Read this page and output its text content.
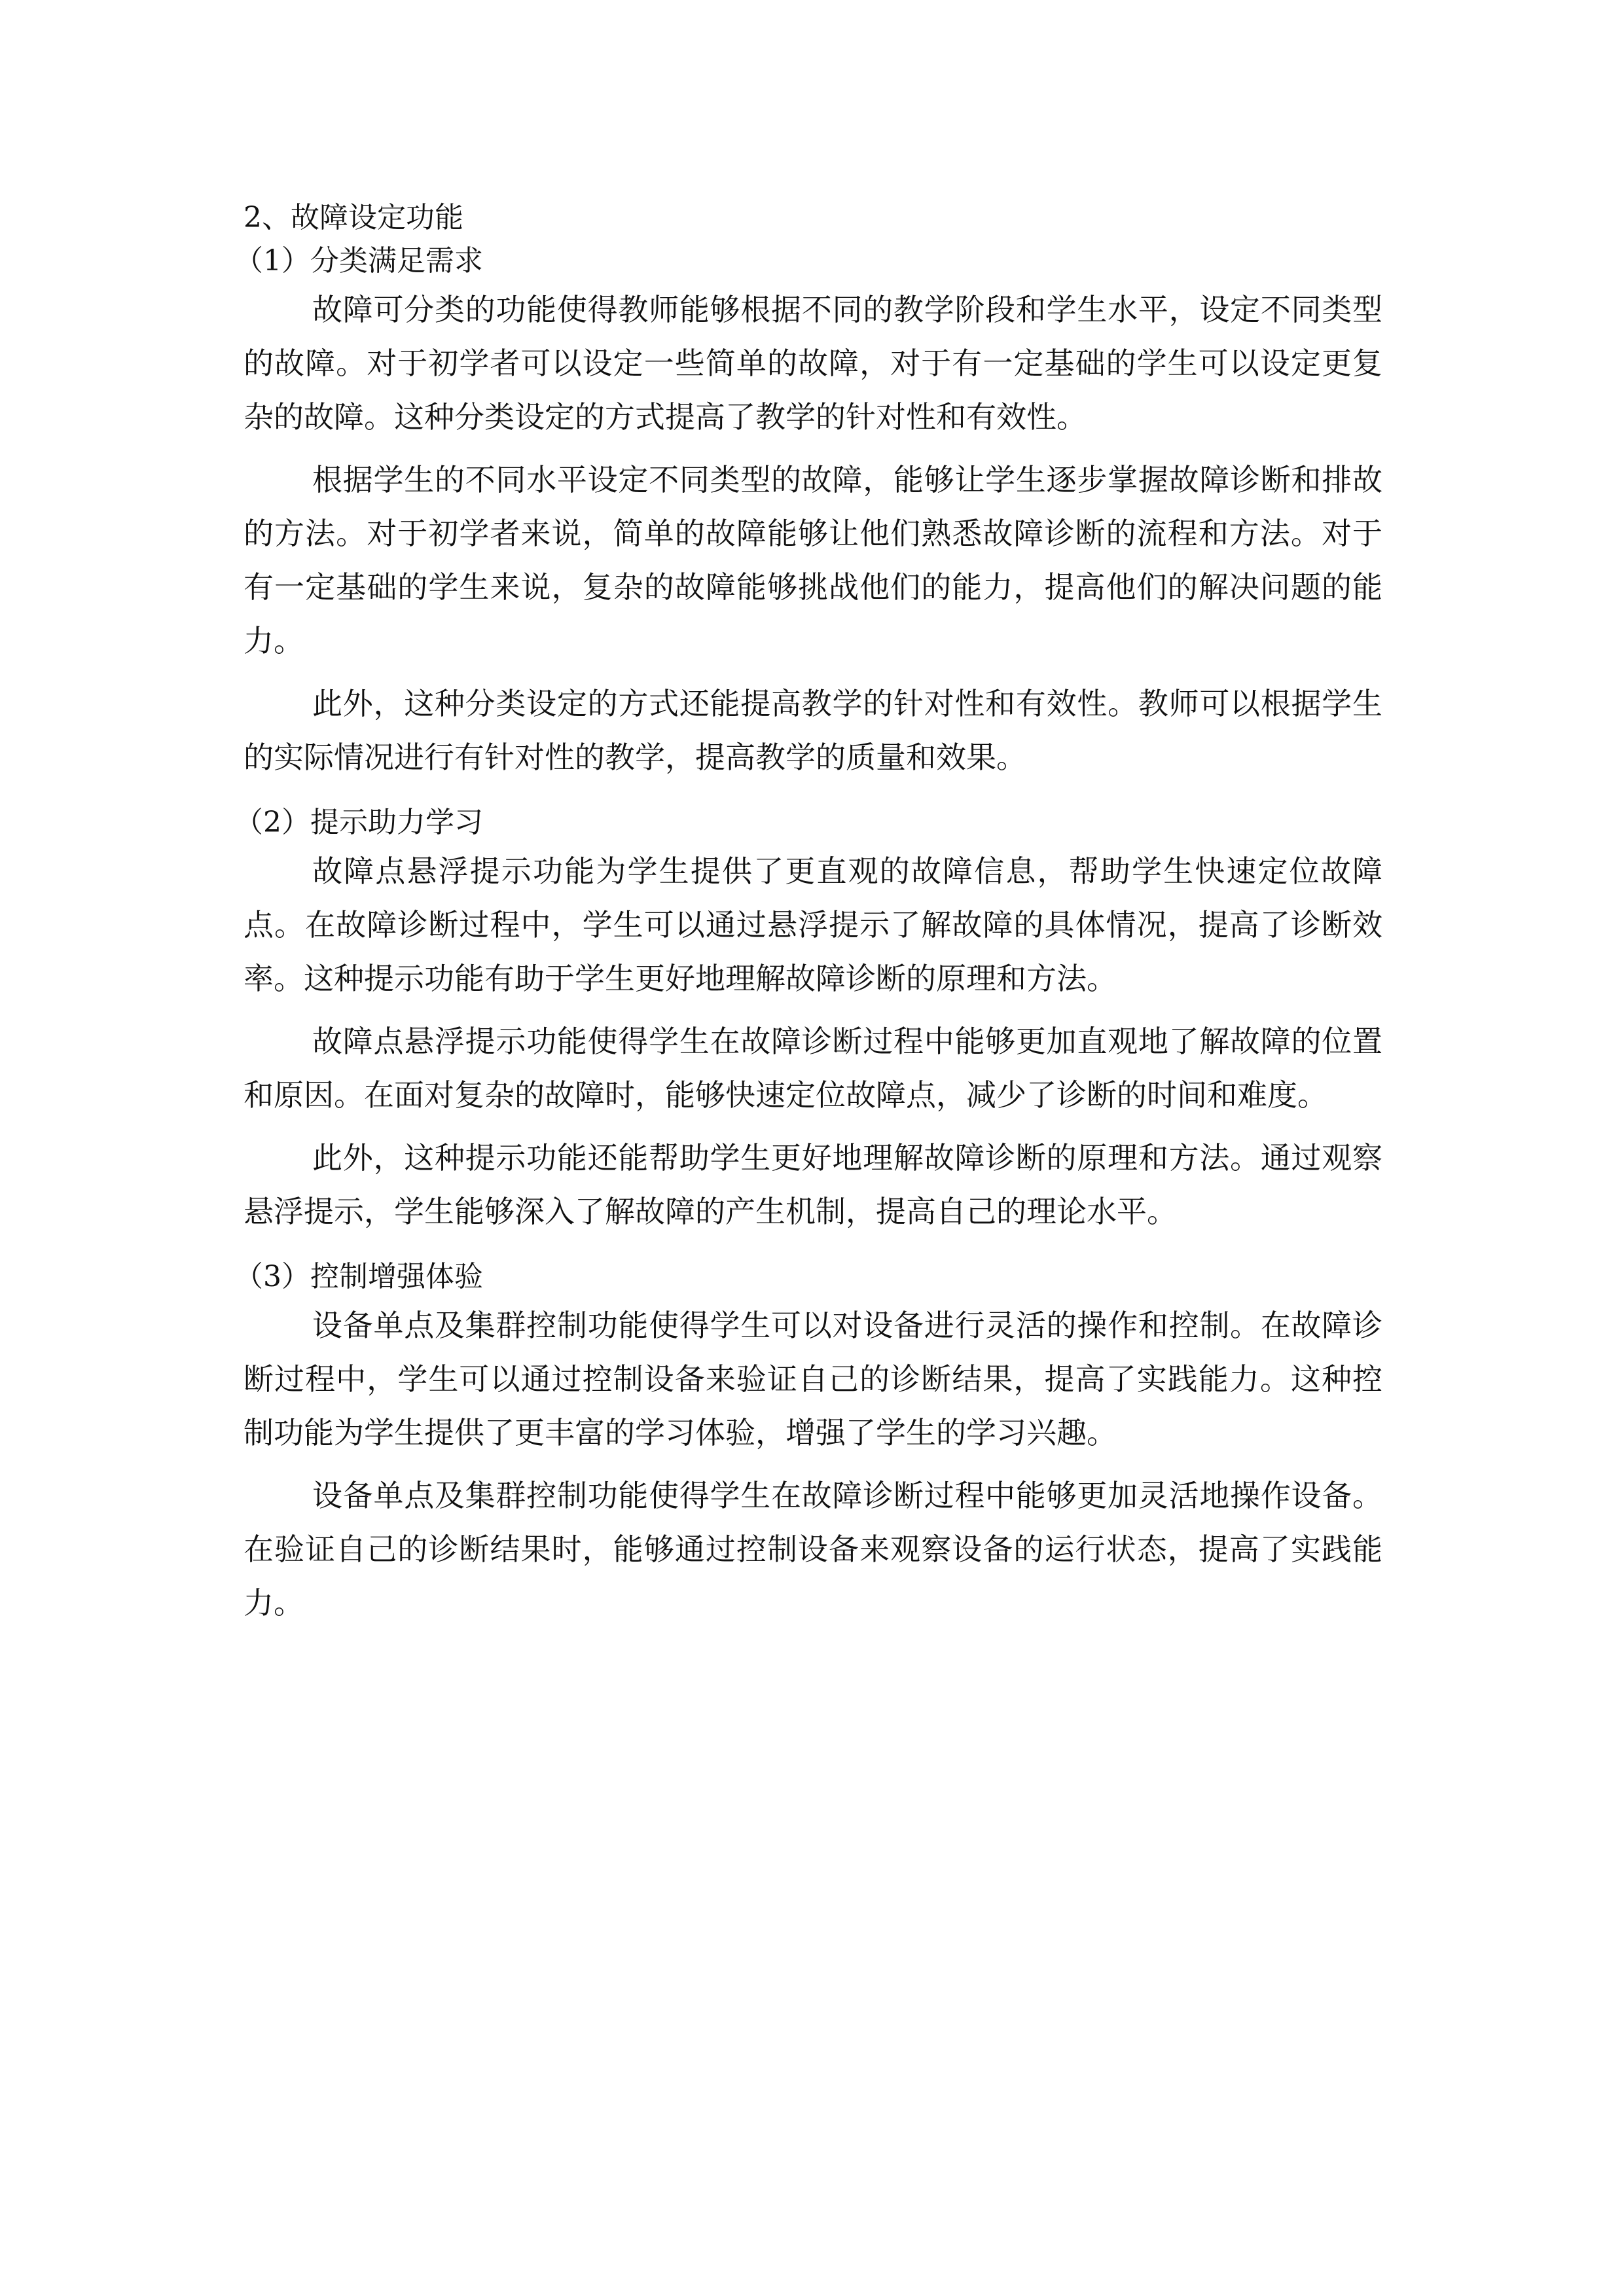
2、故障设定功能

（1）分类满足需求

故障可分类的功能使得教师能够根据不同的教学阶段和学生水平，设定不同类型的故障。对于初学者可以设定一些简单的故障，对于有一定基础的学生可以设定更复杂的故障。这种分类设定的方式提高了教学的针对性和有效性。

根据学生的不同水平设定不同类型的故障，能够让学生逐步掌握故障诊断和排故的方法。对于初学者来说，简单的故障能够让他们熟悉故障诊断的流程和方法。对于有一定基础的学生来说，复杂的故障能够挑战他们的能力，提高他们的解决问题的能力。

此外，这种分类设定的方式还能提高教学的针对性和有效性。教师可以根据学生的实际情况进行有针对性的教学，提高教学的质量和效果。

（2）提示助力学习

故障点悬浮提示功能为学生提供了更直观的故障信息，帮助学生快速定位故障点。在故障诊断过程中，学生可以通过悬浮提示了解故障的具体情况，提高了诊断效率。这种提示功能有助于学生更好地理解故障诊断的原理和方法。

故障点悬浮提示功能使得学生在故障诊断过程中能够更加直观地了解故障的位置和原因。在面对复杂的故障时，能够快速定位故障点，减少了诊断的时间和难度。

此外，这种提示功能还能帮助学生更好地理解故障诊断的原理和方法。通过观察悬浮提示，学生能够深入了解故障的产生机制，提高自己的理论水平。

（3）控制增强体验

设备单点及集群控制功能使得学生可以对设备进行灵活的操作和控制。在故障诊断过程中，学生可以通过控制设备来验证自己的诊断结果，提高了实践能力。这种控制功能为学生提供了更丰富的学习体验，增强了学生的学习兴趣。

设备单点及集群控制功能使得学生在故障诊断过程中能够更加灵活地操作设备。在验证自己的诊断结果时，能够通过控制设备来观察设备的运行状态，提高了实践能力。
